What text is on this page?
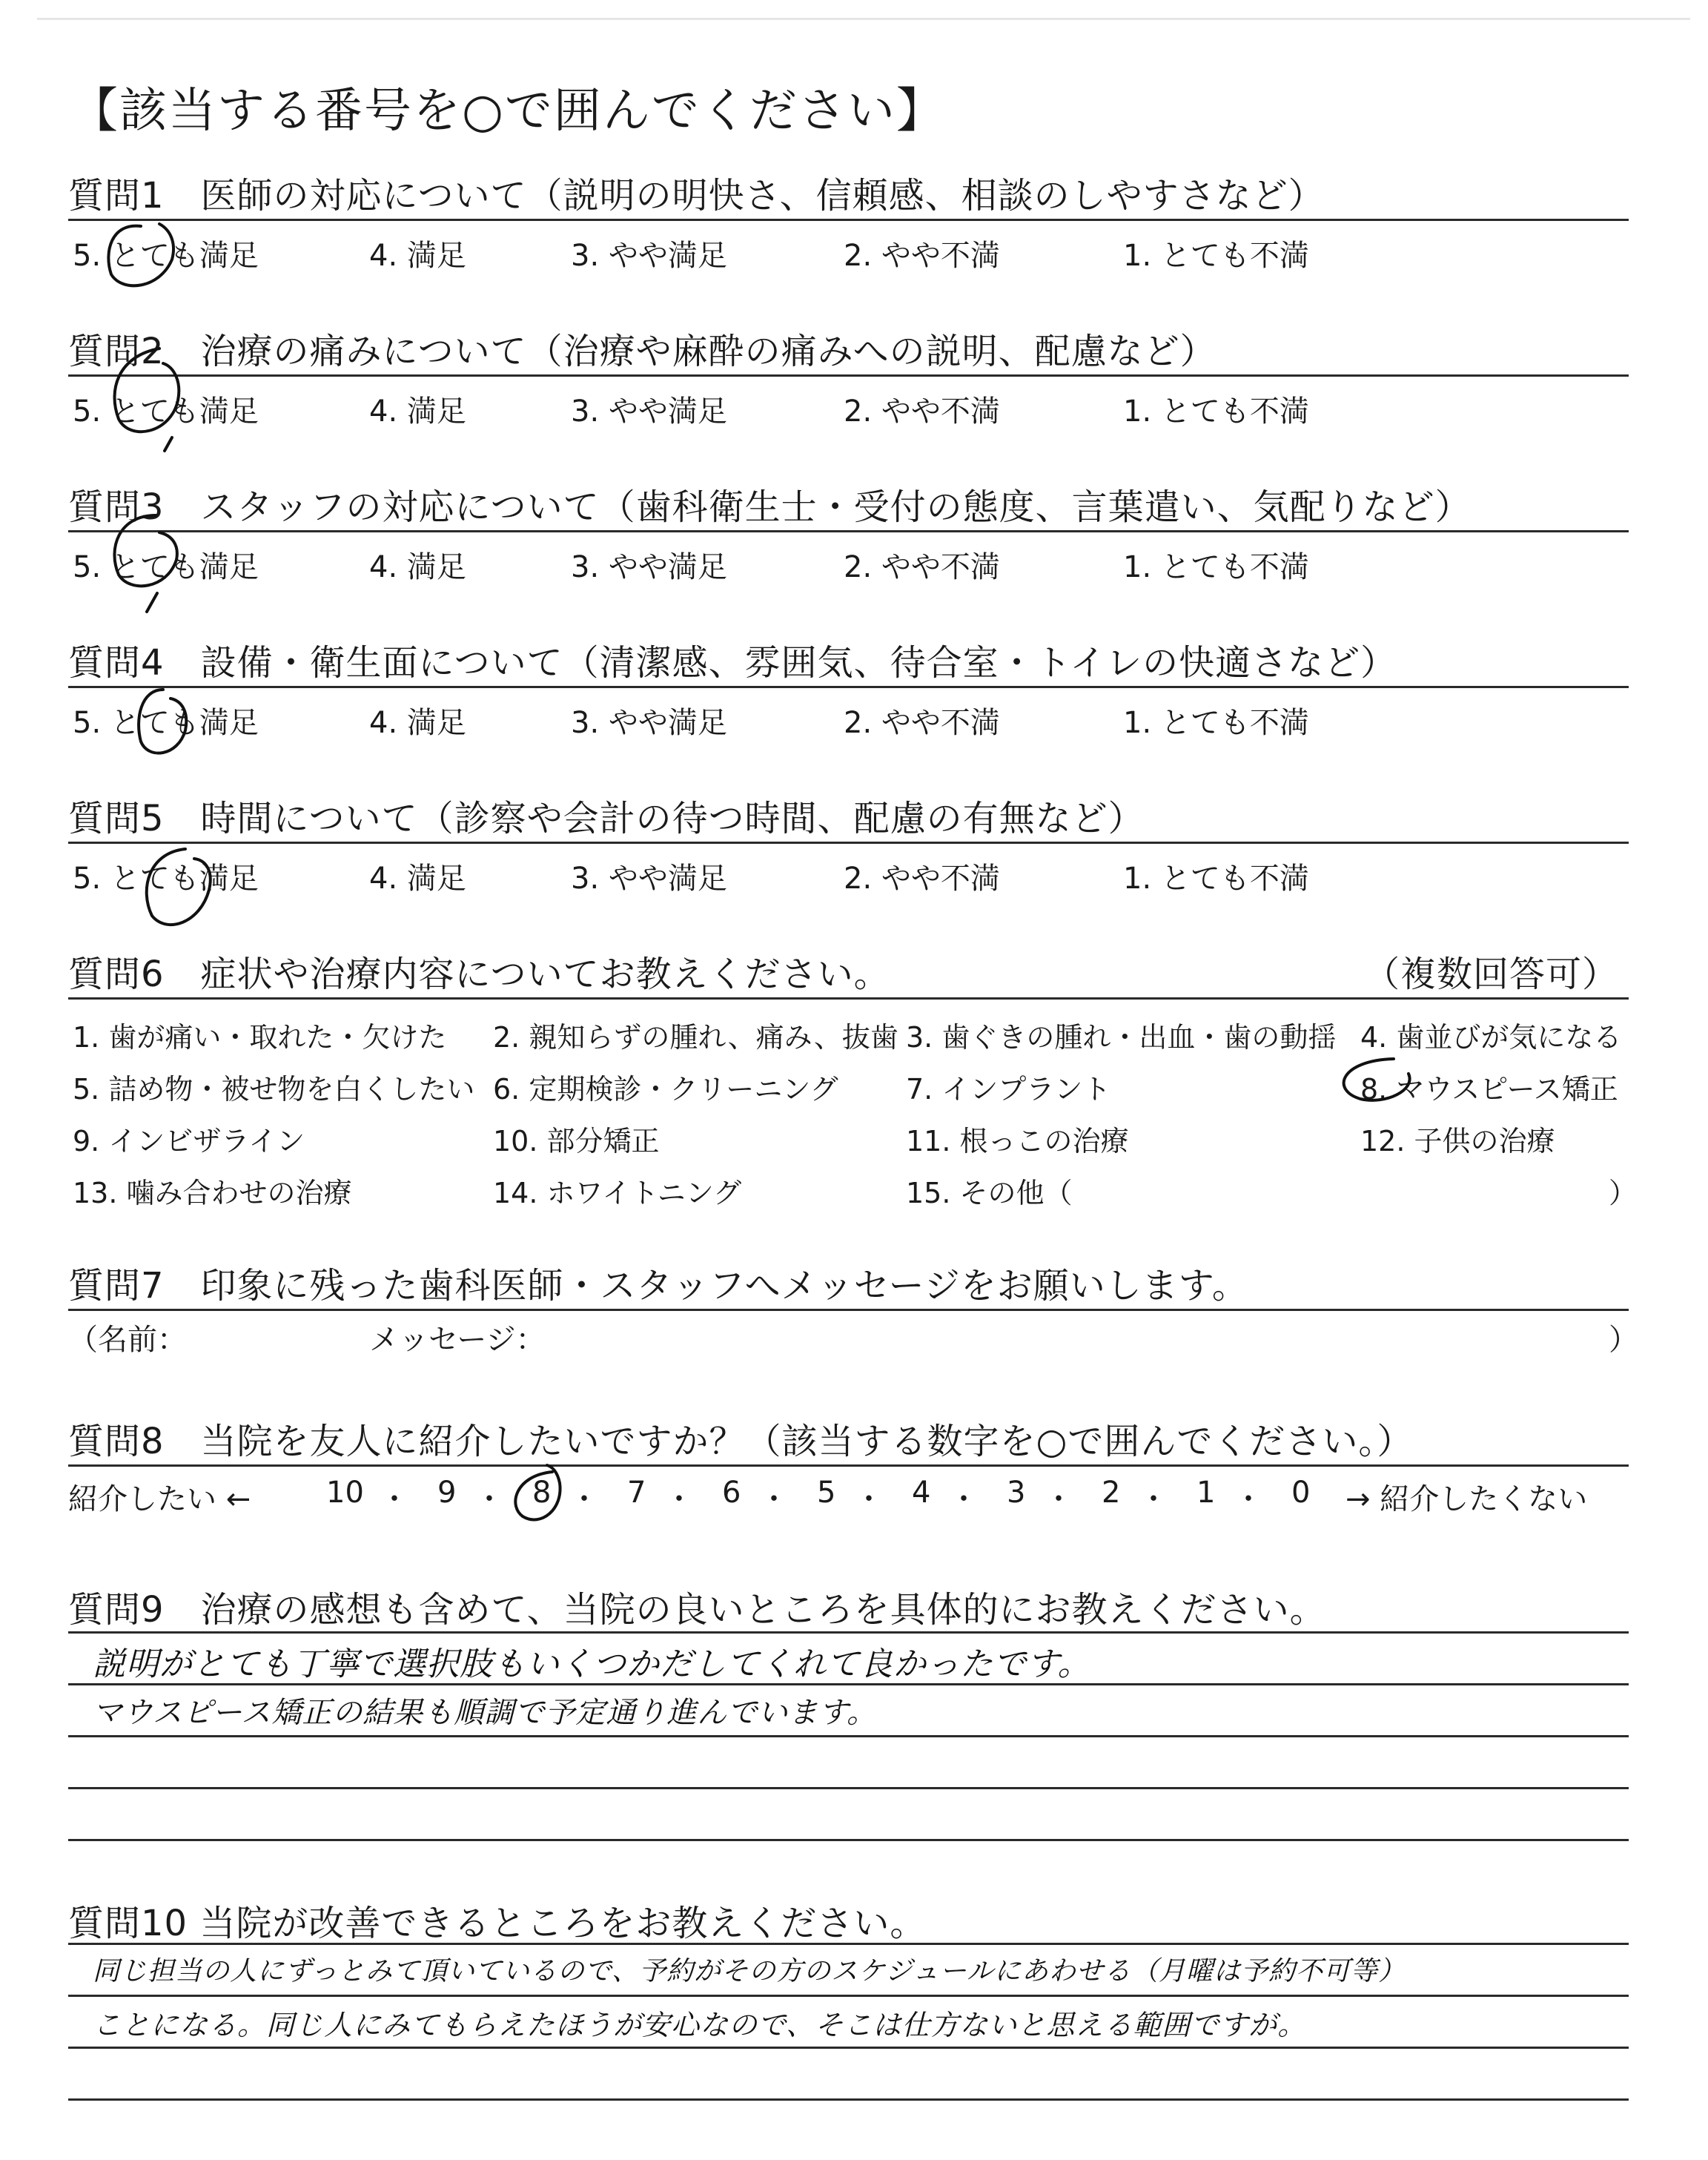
【該当する番号を○で囲んでください】
質問1　医師の対応について（説明の明快さ、信頼感、相談のしやすさなど）
5. とても満足	4. 満足	3. やや満足	2. やや不満	1. とても不満
質問2　治療の痛みについて（治療や麻酔の痛みへの説明、配慮など）
5. とても満足	4. 満足	3. やや満足	2. やや不満	1. とても不満
質問3　スタッフの対応について（歯科衛生士・受付の態度、言葉遣い、気配りなど）
5. とても満足	4. 満足	3. やや満足	2. やや不満	1. とても不満
質問4　設備・衛生面について（清潔感、雰囲気、待合室・トイレの快適さなど）
5. とても満足	4. 満足	3. やや満足	2. やや不満	1. とても不満
質問5　時間について（診察や会計の待つ時間、配慮の有無など）
5. とても満足	4. 満足	3. やや満足	2. やや不満	1. とても不満
質問6　症状や治療内容についてお教えください。	（複数回答可）
1. 歯が痛い・取れた・欠けた 2. 親知らずの腫れ、痛み、抜歯 3. 歯ぐきの腫れ・出血・歯の動揺 4. 歯並びが気になる
5. 詰め物・被せ物を白くしたい 6. 定期検診・クリーニング 7. インプラント	8. マウスピース矯正
9. インビザライン	10. 部分矯正	11. 根っこの治療	12. 子供の治療
13. 噛み合わせの治療	14. ホワイトニング	15. その他（	）
質問7　印象に残った歯科医師・スタッフへメッセージをお願いします。
（名前：	メッセージ：	）
質問8　当院を友人に紹介したいですか？（該当する数字を○で囲んでください。）
紹介したい ←	10 ・ 9 ・ 8 ・ 7 ・ 6 ・ 5 ・ 4 ・ 3 ・ 2 ・ 1 ・ 0 → 紹介したくない
質問9　治療の感想も含めて、当院の良いところを具体的にお教えください。
説明がとても丁寧で選択肢もいくつかだしてくれて良かったです。
マウスピース矯正の結果も順調で予定通り進んでいます。
質問10 当院が改善できるところをお教えください。
同じ担当の人にずっとみて頂いているので、予約がその方のスケジュールにあわせる（月曜は予約不可等）
ことになる。同じ人にみてもらえたほうが安心なので、そこは仕方ないと思える範囲ですが。
